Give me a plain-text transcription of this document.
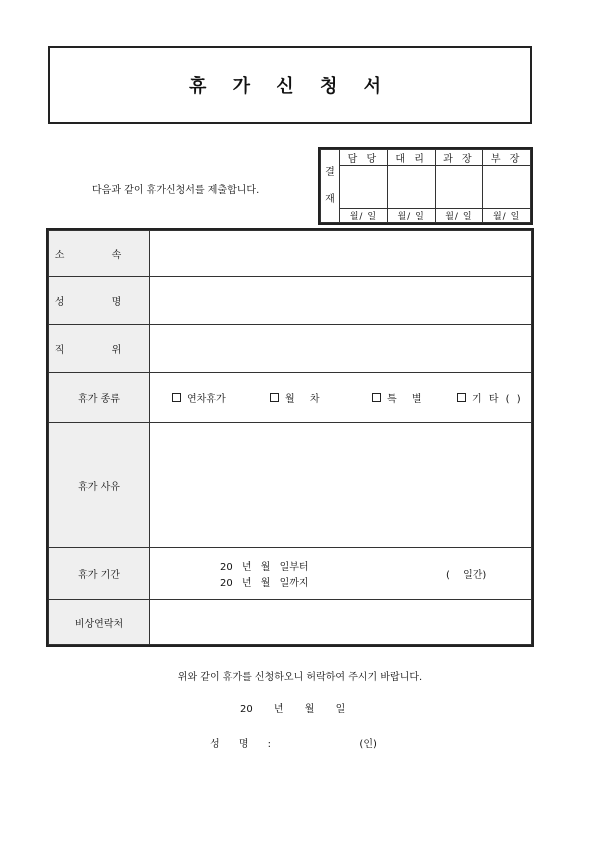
휴 가 신 청 서
다음과 같이 휴가신청서를 제출합니다.
결 재	담 당	대 리	과 장	부 장

	월/ 일	월/ 일	월/ 일	월/ 일
소 속	
성 명	
직 위	
휴가 종류	연차휴가 월 차 특 별 기 타 ( )

휴가 사유	
휴가 기간	20 년 월 일부터
20 년 월 일까지
( 일간)

비상연락처	
위와 같이 휴가를 신청하오니 허락하여 주시기 바랍니다.
20 년 월 일
성 명 :	(인)
